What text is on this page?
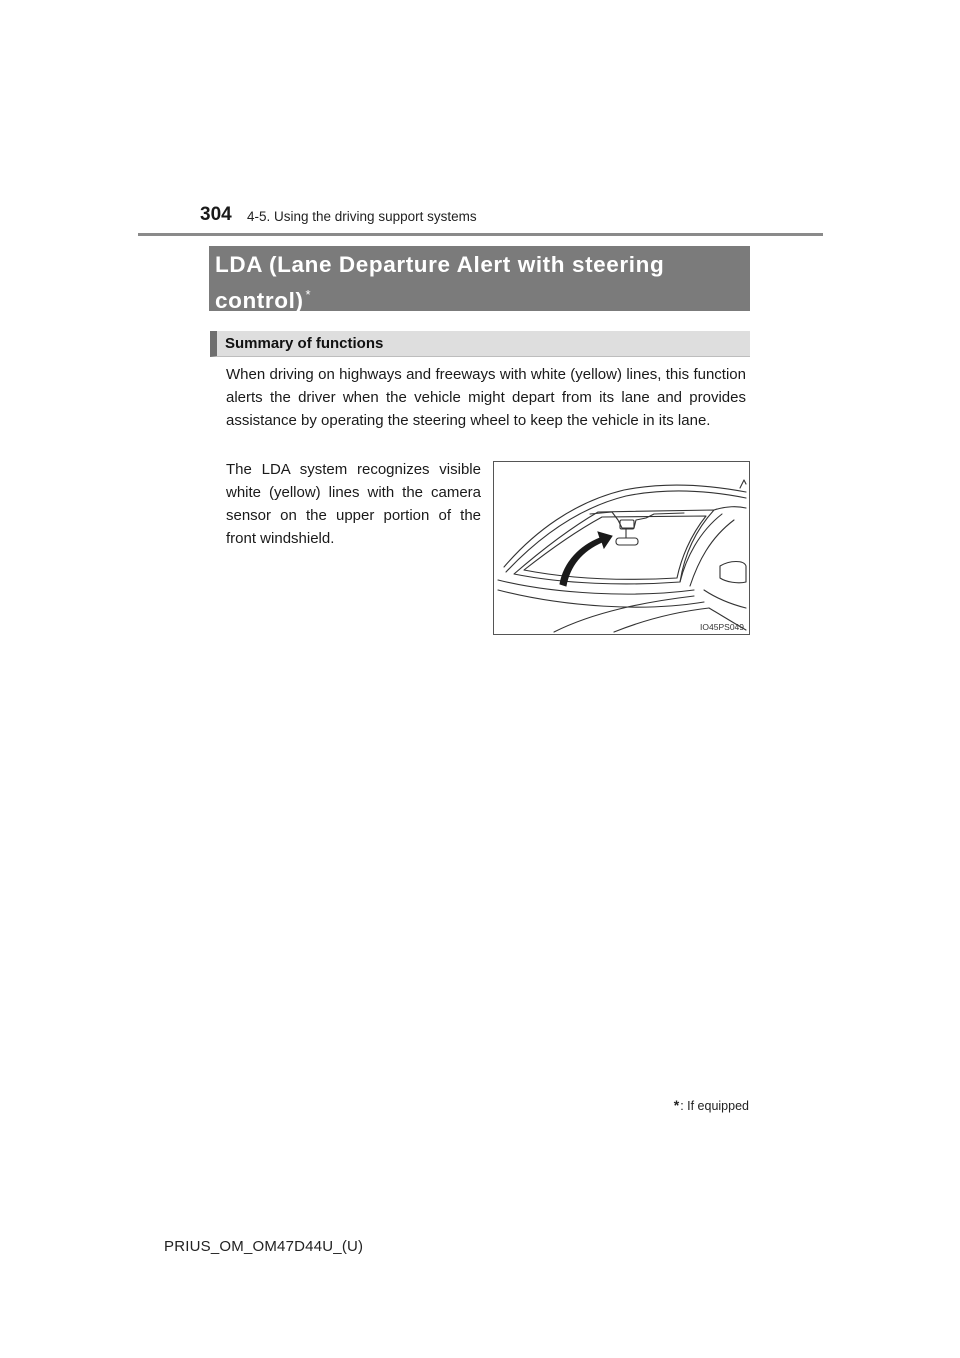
304 4-5. Using the driving support systems
LDA (Lane Departure Alert with steering control) *
Summary of functions

When driving on highways and freeways with white (yellow) lines, this function alerts the driver when the vehicle might depart from its lane and provides assistance by operating the steering wheel to keep the vehicle in its lane.

The LDA system recognizes visible white (yellow) lines with the camera sensor on the upper portion of the front windshield.

IO45PS049
*: If equipped
PRIUS_OM_OM47D44U_(U)
